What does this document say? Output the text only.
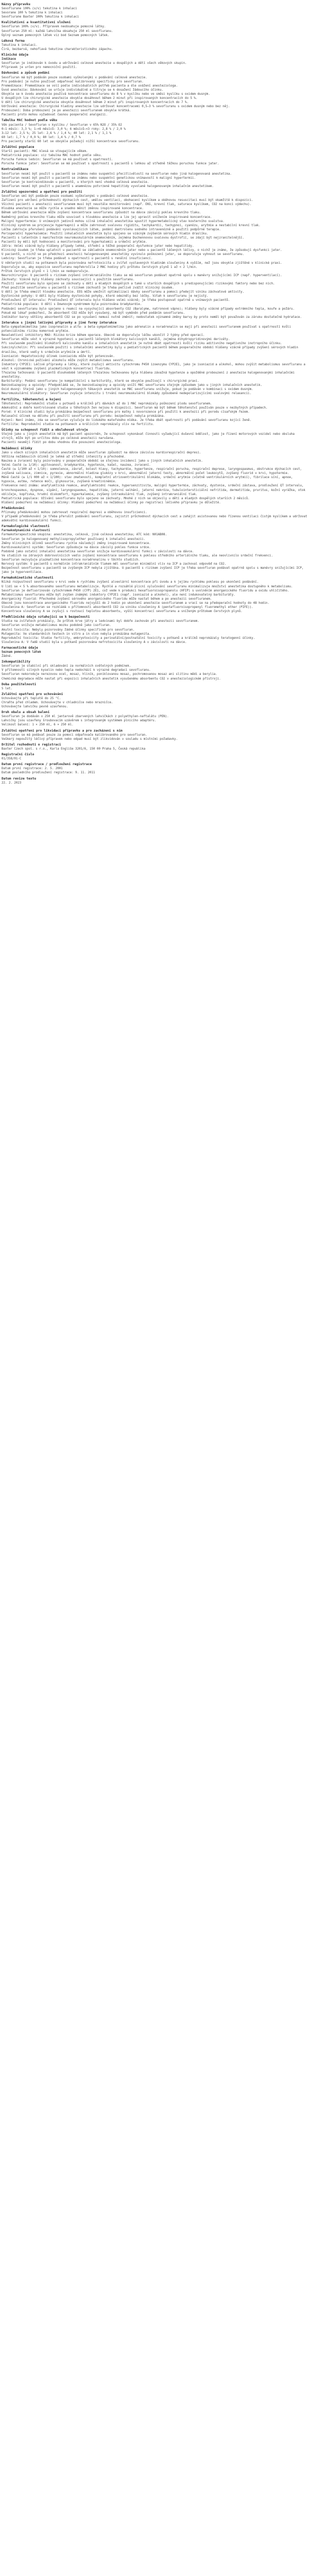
Názvy přípravku
Sevoflurane 100% (v/v) tekutina k inhalaci
Sevorane 100 % tekutina k inhalaci
Sevoflurane Baxter 100% tekutina k inhalaci
Kvalitativní a kvantitativní složení
Sevofluran 100% (v/v). Přípravek neobsahuje pomocné látky.
Sevofluran 250 ml: každá lahvička obsahuje 250 ml sevofluranu.
Úplný seznam pomocných látek viz bod Seznam pomocných látek.
Léková forma
Tekutina k inhalaci.
Čirá, bezbarvá, nehořlavá tekutina charakteristického zápachu.
Klinické údaje
Indikace
Sevofluran je indikován k úvodu a udržování celkové anestezie u dospělých a dětí všech věkových skupin.
Přípravek je určen pro nemocniční použití.
Dávkování a způsob podání
Sevofluran má být podáván pouze osobami vyškolenými v podávání celkové anestezie.
Pro podávání je nutno používat odpařovač kalibrovaný specificky pro sevofluran.
Premedikace: Premedikace se volí podle individuálních potřeb pacienta a dle uvážení anesteziologa.
Úvod anestezie: Dávkování se určuje individuálně a titruje se k dosažení žádoucího účinku.
Obvykle se k úvodu anestezie používá koncentrace sevofluranu do 8 % v kyslíku nebo ve směsi kyslíku s oxidem dusným.
U dospělých lze chirurgické anestezie obvykle dosáhnout během 2 minut při inspirovaných koncentracích do 5 %.
U dětí lze chirurgické anestezie obvykle dosáhnout během 2 minut při inspirovaných koncentracích do 7 %.
Udržování anestezie: Chirurgické hladiny anestezie lze udržovat koncentracemi 0,5–3 % sevofluranu s oxidem dusným nebo bez něj.
Probouzení: Doba probouzení je po anestezii sevofluranem obvykle krátká.
Pacienti proto mohou vyžadovat časnou pooperační analgezii.
Tabulka MAC hodnot podle věku
Věk pacienta / Sevofluran v kyslíku / Sevofluran v 65% N2O / 35% O2
0–1 měsíc: 3,3 %; 1–<6 měsíců: 3,0 %; 6 měsíců–<3 roky: 2,8 % / 2,0 %
3–12 let: 2,5 %; 25 let: 2,6 % / 1,4 %; 40 let: 2,1 % / 1,1 %
60 let: 1,7 % / 0,9 %; 80 let: 1,4 % / 0,7 %
Pro pacienty starší 60 let se obvykle požadují nižší koncentrace sevofluranu.
Zvláštní populace
Starší pacienti: MAC klesá se stoupajícím věkem.
Pediatrická populace: viz tabulka MAC hodnot podle věku.
Porucha funkce ledvin: Sevofluran se má používat s opatrností.
Porucha funkce jater: Sevofluran se má používat s opatrností u pacientů s lehkou až středně těžkou poruchou funkce jater.
Kontraindikace
Sevofluran nesmí být použit u pacientů se známou nebo suspektní přecitlivělostí na sevofluran nebo jiná halogenovaná anestetika.
Sevofluran nesmí být použit u pacientů se známou nebo suspektní genetickou vnímavostí k maligní hypertermii.
Sevofluran je kontraindikován u pacientů, u kterých není vhodná celková anestezie.
Sevofluran nesmí být použit u pacientů s anamnézou potvrzené hepatitidy vyvolané halogenovaným inhalačním anestetikem.
Zvláštní upozornění a opatření pro použití
Sevofluran smí být podáván pouze osobami vyškolenými v podávání celkové anestezie.
Zařízení pro udržení průchodnosti dýchacích cest, umělou ventilaci, obohacení kyslíkem a oběhovou resuscitaci musí být okamžitě k dispozici.
Všichni pacienti v anestezii sevofluranem musí být neustále monitorováni (např. EKG, krevní tlak, saturace kyslíkem, CO2 na konci výdechu).
Hloubka anestezie se může rychle a snadno měnit změnou inspirované koncentrace.
Během udržování anestezie může zvýšení koncentrace sevofluranu způsobit na dávce závislý pokles krevního tlaku.
Nadměrný pokles krevního tlaku může souviset s hloubkou anestezie a lze jej upravit snížením inspirované koncentrace.
Maligní hypertermie: U vnímavých jedinců mohou silná inhalační anestetika spustit hypermetabolický stav kosterního svalstva.
Klinický syndrom se projevuje hyperkapnií a může zahrnovat svalovou rigiditu, tachykardii, tachypnoi, cyanózu, arytmie a nestabilní krevní tlak.
Léčba zahrnuje přerušení podávání vyvolávajících látek, podání dantrolenu sodného intravenózně a použití podpůrné terapie.
Perioperační hyperkalemie: Použití inhalačních anestetik bylo spojeno se vzácným zvýšením sérových hladin draslíku.
Pacienti s latentním i manifestním neuromuskulárním onemocněním, zejména Duchennovou svalovou dystrofií, se zdají být nejzranitelnější.
Pacienti by měli být hodnoceni a monitorováni pro hyperkalemii a srdeční arytmie.
Játra: Velmi vzácně byly hlášeny případy lehké, střední a těžké pooperační dysfunkce jater nebo hepatitidy.
Klinický úsudek je třeba uplatnit u pacientů se základním onemocněním jater nebo u pacientů léčených léčivy, o nichž je známo, že způsobují dysfunkci jater.
U pacientů, u nichž se po předchozí anestezii halogenovanými anestetiky vyvinulo poškození jater, se doporučuje vyhnout se sevofluranu.
Ledviny: Sevofluran je třeba podávat s opatrností u pacientů s renální insuficiencí.
U některých studií na potkanech byla pozorována nefrotoxicita u zvířat vystavených hladinám sloučeniny A vyšším, než jsou obvykle zjištěné v klinické praxi.
Doporučuje se, aby expozice sevofluranu nepřekročila 2 MAC hodiny při průtoku čerstvých plynů 1 až < 2 l/min.
Průtok čerstvých plynů < 1 l/min se nedoporučuje.
Neurochirurgie: U pacientů s rizikem zvýšení intrakraniálního tlaku se má sevofluran podávat opatrně spolu s manévry snižujícími ICP (např. hyperventilací).
Záchvaty: Vzácně byly hlášeny záchvaty související s použitím sevofluranu.
Použití sevofluranu bylo spojeno se záchvaty u dětí a mladých dospělých a také u starších dospělých s predisponujícími rizikovými faktory nebo bez nich.
Před použitím sevofluranu u pacientů s rizikem záchvatů je třeba pečlivě zvážit klinický úsudek.
U dětí je třeba omezit hloubku anestezie. EEG může umožnit optimalizaci dávky sevofluranu a pomoci předejít vzniku záchvatové aktivity.
Dystonické pohyby: U dětí byly hlášeny dystonické pohyby, které odezněly bez léčby. Vztah k sevofluranu je nejistý.
Prodloužení QT intervalu: Prodloužení QT intervalu bylo hlášeno velmi vzácně; je třeba postupovat opatrně u vnímavých pacientů.
Pediatrická populace: U dětí s Downovým syndromem byla pozorována bradykardie.
Podávání sevofluranu bylo spojeno s reakcí na vysychající absorbenty CO2 (Baralyme, natronové vápno); hlášeny byly vzácné případy extrémního tepla, kouře a požáru.
Pokud má lékař podezření, že absorbent CO2 může být vysušený, má být vyměněn před podáním sevofluranu.
Indikátor barvy většiny absorbentů CO2 se po vysušení nemusí nutně změnit; nedostatek významné změny barvy by proto neměl být považován za záruku dostatečné hydratace.
Interakce s jinými léčivými přípravky a jiné formy interakce
Beta-sympatomimetika jako isoprenalin a alfa- a beta-sympatomimetika jako adrenalin a noradrenalin se mají při anestezii sevofluranem používat s opatrností kvůli potenciálnímu riziku komorové arytmie.
Neselektivní inhibitory MAO: Riziko krize během operace. Obecně se doporučuje léčbu ukončit 2 týdny před operací.
Sevofluran může vést k výrazné hypotenzi u pacientů léčených blokátory kalciových kanálů, zejména dihydropyridinovými deriváty.
Při současném používání blokátorů kalciového kanálu a inhalačních anestetik je nutné dbát opatrnosti kvůli riziku aditivního negativního inotropního účinku.
Sukcinylcholin: Při současném použití s inhalačními anestetiky byly u pediatrických pacientů během pooperačního období hlášeny vzácné případy zvýšení sérových hladin draslíku, které vedly k srdečním arytmiím a úmrtí.
Isoniazid: Hepatotoxický účinek isoniazidu může být potencován.
Alkohol: Chronické požívání alkoholu může zvýšit metabolismus sevofluranu.
Induktory CYP2E1: Léčivé přípravky a látky, které zvyšují aktivitu cytochromu P450 izoenzymu CYP2E1, jako je isoniazid a alkohol, mohou zvýšit metabolismus sevofluranu a vést k významnému zvýšení plazmatických koncentrací fluoridu.
Třezalka tečkovaná: U pacientů dlouhodobě léčených třezalkou tečkovanou byla hlášena závažná hypotenze a opožděné probouzení z anestezie halogenovanými inhalačními anestetiky.
Barbituráty: Podání sevofluranu je kompatibilní s barbituráty, které se obvykle používají v chirurgické praxi.
Benzodiazepiny a opioidy: Předpokládá se, že benzodiazepiny a opioidy sníží MAC sevofluranu stejným způsobem jako u jiných inhalačních anestetik.
Oxid dusný: Stejně jako u jiných halogenovaných těkavých anestetik se MAC sevofluranu snižuje, pokud je podáván v kombinaci s oxidem dusným.
Neuromuskulární blokátory: Sevofluran zvyšuje intenzitu i trvání neuromuskulární blokády způsobené nedepolarizujícími svalovými relaxancii.
Fertilita, těhotenství a kojení
Těhotenství: Reprodukční studie u potkanů a králíků při dávkách až do 1 MAC neprokázaly poškození plodu sevofluranem.
Adekvátní a dobře kontrolované studie u těhotných žen nejsou k dispozici. Sevofluran má být během těhotenství používán pouze v nezbytných případech.
Porod: V klinické studii byla prokázána bezpečnost sevofluranu pro matky i novorozence při použití k anestezii při porodu císařským řezem.
Relaxační účinek na dělohu při použití sevofluranu při porodu: bezpečnost nebyla prokázána.
Kojení: Není známo, zda se sevofluran vylučuje do lidského mateřského mléka. Je třeba dbát opatrnosti při podávání sevofluranu kojící ženě.
Fertilita: Reprodukční studie na potkanech a králících neprokázaly vliv na fertilitu.
Účinky na schopnost řídit a obsluhovat stroje
Stejně jako u jiných anestetik má být pacient upozorněn, že schopnost vykonávat činnosti vyžadující duševní bdělost, jako je řízení motorových vozidel nebo obsluha strojů, může být po určitou dobu po celkové anestezii narušena.
Pacienti nesmějí řídit po dobu vhodnou dle posouzení anesteziologa.
Nežádoucí účinky
Jako u všech silných inhalačních anestetik může sevofluran způsobit na dávce závislou kardiorespirační depresi.
Většina nežádoucích účinků je lehké až střední intenzity a přechodné.
Nauzea a zvracení byly pozorovány v pooperačním období se stejnou incidencí jako u jiných inhalačních anestetik.
Velmi časté (≥ 1/10): agitovanost, bradykardie, hypotenze, kašel, nauzea, zvracení.
Časté (≥ 1/100 až < 1/10): somnolence, závrať, bolest hlavy, tachykardie, hypertenze, respirační porucha, respirační deprese, laryngospasmus, obstrukce dýchacích cest, zvýšená salivace, zimnice, pyrexie, abnormální hladina glukózy v krvi, abnormální jaterní testy, abnormální počet leukocytů, zvýšený fluorid v krvi, hypotermie.
Méně časté (≥ 1/1 000 až < 1/100): stav zmatenosti, kompletní atrioventrikulární blokáda, srdeční arytmie (včetně ventrikulárních arytmií), fibrilace síní, apnoe, hypoxie, astma, retence moči, glykosurie, zvýšená kreatininémie.
Frekvence není známa: anafylaktická reakce, anafylaktoidní reakce, hypersenzitivita, maligní hypertermie, záchvaty, dystonie, srdeční zástava, prodloužení QT intervalu, bronchospasmus, dyspnoe, sípání, laryngospasmus, hepatitida, jaterní selhání, jaterní nekróza, tubulointersticiální nefritida, dermatitida, pruritus, kožní vyrážka, otok obličeje, kopřivka, hrudní diskomfort, hyperkalemie, zvýšený intraokulární tlak, zvýšený intrakraniální tlak.
Pediatrická populace: Užívání sevofluranu bylo spojeno se záchvaty. Mnohé z nich se objevily u dětí a mladých dospělých starších 2 měsíců.
Hlášení podezření na nežádoucí účinky: Hlášení podezření na nežádoucí účinky po registraci léčivého přípravku je důležité.
Předávkování
Příznaky předávkování mohou zahrnovat respirační depresi a oběhovou insuficienci.
V případě předávkování je třeba přerušit podávání sevofluranu, zajistit průchodnost dýchacích cest a zahájit asistovanou nebo řízenou ventilaci čistým kyslíkem a udržovat adekvátní kardiovaskulární funkci.
Farmakologické vlastnosti
Farmakodynamické vlastnosti
Farmakoterapeutická skupina: anestetika, celková, jiná celková anestetika; ATC kód: N01AB08.
Sevofluran je halogenovaný methylisopropylether používaný k inhalační anestezii.
Změny klinických účinků sevofluranu rychle následují změny inspirované koncentrace.
Kardiovaskulární systém: Sevofluran způsobuje na dávce závislý pokles funkce srdce.
Podobně jako ostatní inhalační anestetika sevofluran snižuje kardiovaskulární funkci v závislosti na dávce.
Ve studiích na zdravých dobrovolnících vedlo zvýšení koncentrace sevofluranu k poklesu středního arteriálního tlaku, ale neovlivnilo srdeční frekvenci.
Sevofluran nezvyšuje plazmatické koncentrace noradrenalinu v těchto studiích.
Nervový systém: U pacientů s normálním intrakraniálním tlakem měl sevofluran minimální vliv na ICP a zachoval odpověď na CO2.
Bezpečnost sevofluranu u pacientů se zvýšeným ICP nebyla zjištěna. U pacientů s rizikem zvýšení ICP je třeba sevofluran podávat opatrně spolu s manévry snižujícími ICP, jako je hyperventilace.
Farmakokinetické vlastnosti
Nízká rozpustnost sevofluranu v krvi vede k rychlému zvýšení alveolární koncentrace při úvodu a k jejímu rychlému poklesu po ukončení podávání.
U lidí se < 5 % absorbovaného sevofluranu metabolizuje. Rychlé a rozsáhlé plicní vylučování sevofluranu minimalizuje množství anestetika dostupného k metabolismu.
Sevofluran je defluorinován cytochromem P450 (CYP) 2E1, což vede k produkci hexafluoroisopropanolu (HFIP) s uvolněním anorganického fluoridu a oxidu uhličitého.
Metabolismus sevofluranu může být zvýšen známými induktory CYP2E1 (např. isoniazid a alkohol), ale není indukovatelný barbituráty.
Anorganický fluorid: Přechodné zvýšení sérového anorganického fluoridu může nastat během a po anestezii sevofluranem.
Obecně jsou koncentrace anorganického fluoridu nejvyšší do 2 hodin po ukončení anestezie sevofluranem a vrací se na předoperační hodnoty do 48 hodin.
Sloučenina A: Sevofluran se rozkládá v přítomnosti absorbentů CO2 za vzniku sloučeniny A (pentafluoroisopropenyl fluoromethyl ether (PIFE)).
Koncentrace sloučeniny A se zvyšují s rostoucí teplotou absorbentu, vyšší koncentrací sevofluranu a sníženým průtokem čerstvých plynů.
Předklinické údaje vztahující se k bezpečnosti
Studie na zvířatech prokázaly, že průtok krve játry a ledvinami byl dobře zachován při anestezii sevofluranem.
Sevofluran snižuje metabolismus mozku podobně jako isofluran.
Akutní toxicita: Nebyly pozorovány žádné účinky specifické pro sevofluran.
Mutagenita: Ve standardních testech in vitro a in vivo nebyla prokázána mutagenita.
Reprodukční toxicita: Studie fertility, embryotoxicity a perinatální/postnatální toxicity u potkanů a králíků neprokázaly teratogenní účinky.
Sloučenina A: V řadě studií byla u potkanů pozorována nefrotoxicita sloučeniny A v závislosti na dávce.
Farmaceutické údaje
Seznam pomocných látek
Žádné.
Inkompatibility
Sevofluran je stabilní při skladování za normálních světelných podmínek.
V přítomnosti silných kyselin nebo tepla nedochází k výrazné degradaci sevofluranu.
Sevofluran nekoroduje nerezovou ocel, mosaz, hliník, poniklovanou mosaz, pochromovanou mosaz ani slitinu mědi a berylia.
Chemická degradace může nastat při expozici inhalačních anestetik vysušenému absorbentu CO2 v anesteziologickém přístroji.
Doba použitelnosti
5 let.
Zvláštní opatření pro uchovávání
Uchovávejte při teplotě do 25 °C.
Chraňte před chladem. Uchovávejte v chladničce nebo mrazničce.
Uchovávejte lahvičku pevně uzavřenou.
Druh obalu a obsah balení
Sevofluran je dodáván v 250 ml jantarově zbarvených lahvičkách z polyethylen-naftalátu (PEN).
Lahvičky jsou uzavřeny šroubovacím uzávěrem s integrovaným systémem plnicího adaptéru.
Velikost balení: 1 × 250 ml, 6 × 250 ml.
Zvláštní opatření pro likvidaci přípravku a pro zacházení s ním
Sevofluran se má podávat pouze za pomoci odpařovače kalibrovaného pro sevofluran.
Veškerý nepoužitý léčivý přípravek nebo odpad musí být zlikvidován v souladu s místními požadavky.
Držitel rozhodnutí o registraci
Baxter Czech spol. s r.o., Karla Engliše 3201/6, 150 00 Praha 5, Česká republika
Registrační číslo
01/358/01-C
Datum první registrace / prodloužení registrace
Datum první registrace: 2. 5. 2001
Datum posledního prodloužení registrace: 9. 11. 2011
Datum revize textu
22. 2. 2023
